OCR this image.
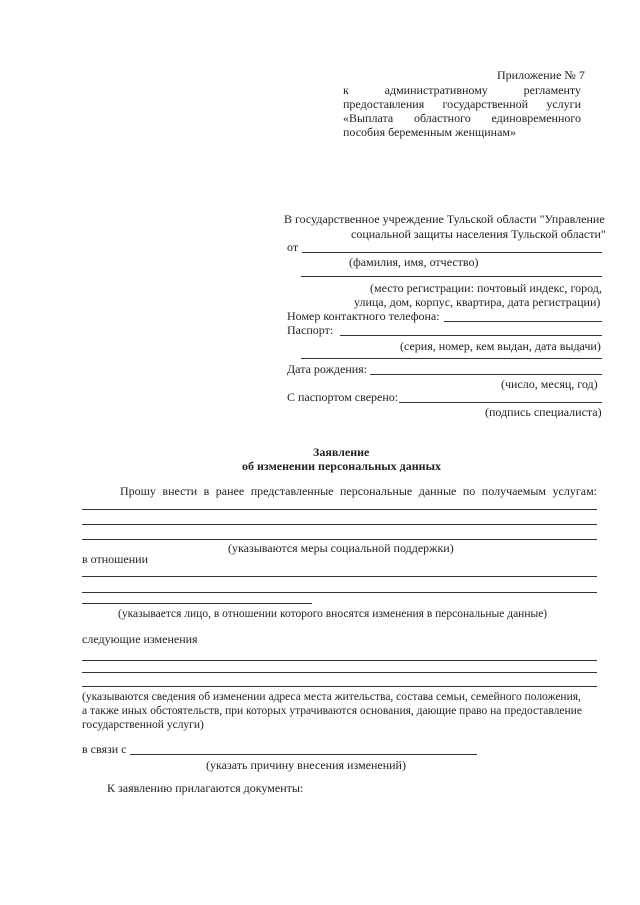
Приложение № 7
к административному регламенту
предоставления государственной услуги
«Выплата областного единовременного
пособия беременным женщинам»
В государственное учреждение Тульской области "Управление
социальной защиты населения Тульской области"
от
(фамилия, имя, отчество)
(место регистрации: почтовый индекс, город,
улица, дом, корпус, квартира, дата регистрации)
Номер контактного телефона:
Паспорт:
(серия, номер, кем выдан, дата выдачи)
Дата рождения:
(число, месяц, год)
С паспортом сверено:
(подпись специалиста)
Заявление
об изменении персональных данных
Прошу внести в ранее представленные персональные данные по получаемым услугам:
(указываются меры социальной поддержки)
в отношении
(указывается лицо, в отношении которого вносятся изменения в персональные данные)
следующие изменения
(указываются сведения об изменении адреса места жительства, состава семьи, семейного положения,
а также иных обстоятельств, при которых утрачиваются основания, дающие право на предоставление
государственной услуги)
в связи с
(указать причину внесения изменений)
К заявлению прилагаются документы:
